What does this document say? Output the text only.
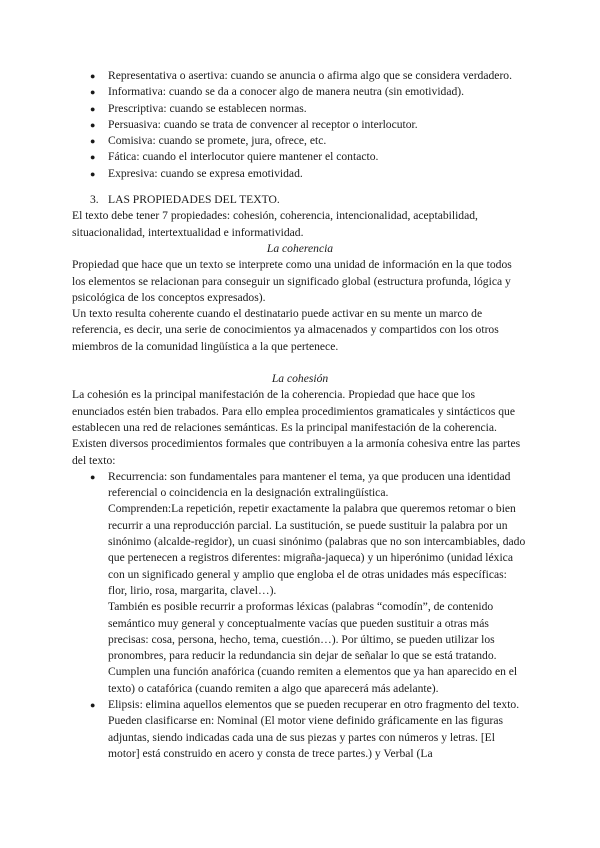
● Representativa o asertiva: cuando se anuncia o afirma algo que se considera verdadero.
● Informativa: cuando se da a conocer algo de manera neutra (sin emotividad).
● Prescriptiva: cuando se establecen normas.
● Persuasiva: cuando se trata de convencer al receptor o interlocutor.
● Comisiva: cuando se promete, jura, ofrece, etc.
● Fática: cuando el interlocutor quiere mantener el contacto.
● Expresiva: cuando se expresa emotividad.
3. LAS PROPIEDADES DEL TEXTO.

El texto debe tener 7 propiedades: cohesión, coherencia, intencionalidad, aceptabilidad, situacionalidad, intertextualidad e informatividad.

La coherencia

Propiedad que hace que un texto se interprete como una unidad de información en la que todos los elementos se relacionan para conseguir un significado global (estructura profunda, lógica y psicológica de los conceptos expresados).

Un texto resulta coherente cuando el destinatario puede activar en su mente un marco de referencia, es decir, una serie de conocimientos ya almacenados y compartidos con los otros miembros de la comunidad lingüística a la que pertenece.

La cohesión

La cohesión es la principal manifestación de la coherencia. Propiedad que hace que los enunciados estén bien trabados. Para ello emplea procedimientos gramaticales y sintácticos que establecen una red de relaciones semánticas. Es la principal manifestación de la coherencia. Existen diversos procedimientos formales que contribuyen a la armonía cohesiva entre las partes del texto:

● Recurrencia: son fundamentales para mantener el tema, ya que producen una identidad referencial o coincidencia en la designación extralingüística.

Comprenden:La repetición, repetir exactamente la palabra que queremos retomar o bien recurrir a una reproducción parcial. La sustitución, se puede sustituir la palabra por un sinónimo (alcalde-regidor), un cuasi sinónimo (palabras que no son intercambiables, dado que pertenecen a registros diferentes: migraña-jaqueca) y un hiperónimo (unidad léxica con un significado general y amplio que engloba el de otras unidades más específicas: flor, lirio, rosa, margarita, clavel…).

También es posible recurrir a proformas léxicas (palabras “comodín”, de contenido semántico muy general y conceptualmente vacías que pueden sustituir a otras más precisas: cosa, persona, hecho, tema, cuestión…). Por último, se pueden utilizar los pronombres, para reducir la redundancia sin dejar de señalar lo que se está tratando. Cumplen una función anafórica (cuando remiten a elementos que ya han aparecido en el texto) o catafórica (cuando remiten a algo que aparecerá más adelante).

● Elipsis: elimina aquellos elementos que se pueden recuperar en otro fragmento del texto. Pueden clasificarse en: Nominal (El motor viene definido gráficamente en las figuras adjuntas, siendo indicadas cada una de sus piezas y partes con números y letras. [El motor] está construido en acero y consta de trece partes.) y Verbal (La
